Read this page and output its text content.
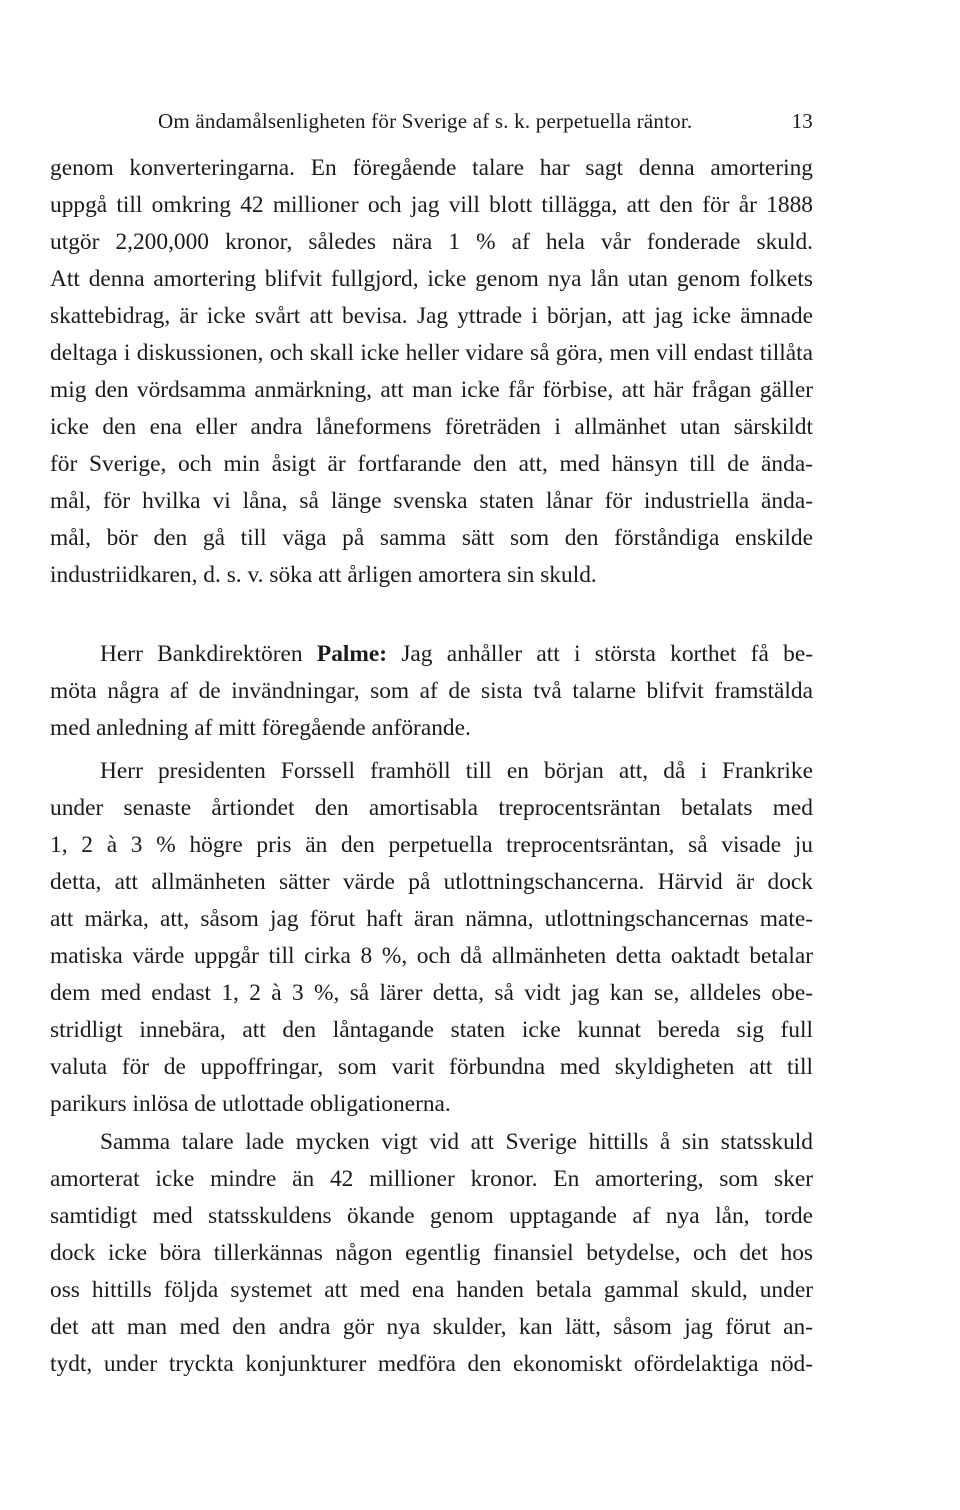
Om ändamålsenligheten för Sverige af s. k. perpetuella räntor.	13
genom konverteringarna. En föregående talare har sagt denna amortering
uppgå till omkring 42 millioner och jag vill blott tillägga, att den för år 1888
utgör 2,200,000 kronor, således nära 1 % af hela vår fonderade skuld.
Att denna amortering blifvit fullgjord, icke genom nya lån utan genom folkets
skattebidrag, är icke svårt att bevisa. Jag yttrade i början, att jag icke ämnade
deltaga i diskussionen, och skall icke heller vidare så göra, men vill endast tillåta
mig den vördsamma anmärkning, att man icke får förbise, att här frågan gäller
icke den ena eller andra låneformens företräden i allmänhet utan särskildt
för Sverige, och min åsigt är fortfarande den att, med hänsyn till de ända-
mål, för hvilka vi låna, så länge svenska staten lånar för industriella ända-
mål, bör den gå till väga på samma sätt som den förståndiga enskilde
industriidkaren, d. s. v. söka att årligen amortera sin skuld.
Herr Bankdirektören Palme: Jag anhåller att i största korthet få be-
möta några af de invändningar, som af de sista två talarne blifvit framstälda
med anledning af mitt föregående anförande.
Herr presidenten Forssell framhöll till en början att, då i Frankrike
under senaste årtiondet den amortisabla treprocentsräntan betalats med
1, 2 à 3 % högre pris än den perpetuella treprocentsräntan, så visade ju
detta, att allmänheten sätter värde på utlottningschancerna. Härvid är dock
att märka, att, såsom jag förut haft äran nämna, utlottningschancernas mate-
matiska värde uppgår till cirka 8 %, och då allmänheten detta oaktadt betalar
dem med endast 1, 2 à 3 %, så lärer detta, så vidt jag kan se, alldeles obe-
stridligt innebära, att den låntagande staten icke kunnat bereda sig full
valuta för de uppoffringar, som varit förbundna med skyldigheten att till
parikurs inlösa de utlottade obligationerna.
Samma talare lade mycken vigt vid att Sverige hittills å sin statsskuld
amorterat icke mindre än 42 millioner kronor. En amortering, som sker
samtidigt med statsskuldens ökande genom upptagande af nya lån, torde
dock icke böra tillerkännas någon egentlig finansiel betydelse, och det hos
oss hittills följda systemet att med ena handen betala gammal skuld, under
det att man med den andra gör nya skulder, kan lätt, såsom jag förut an-
tydt, under tryckta konjunkturer medföra den ekonomiskt ofördelaktiga nöd-
